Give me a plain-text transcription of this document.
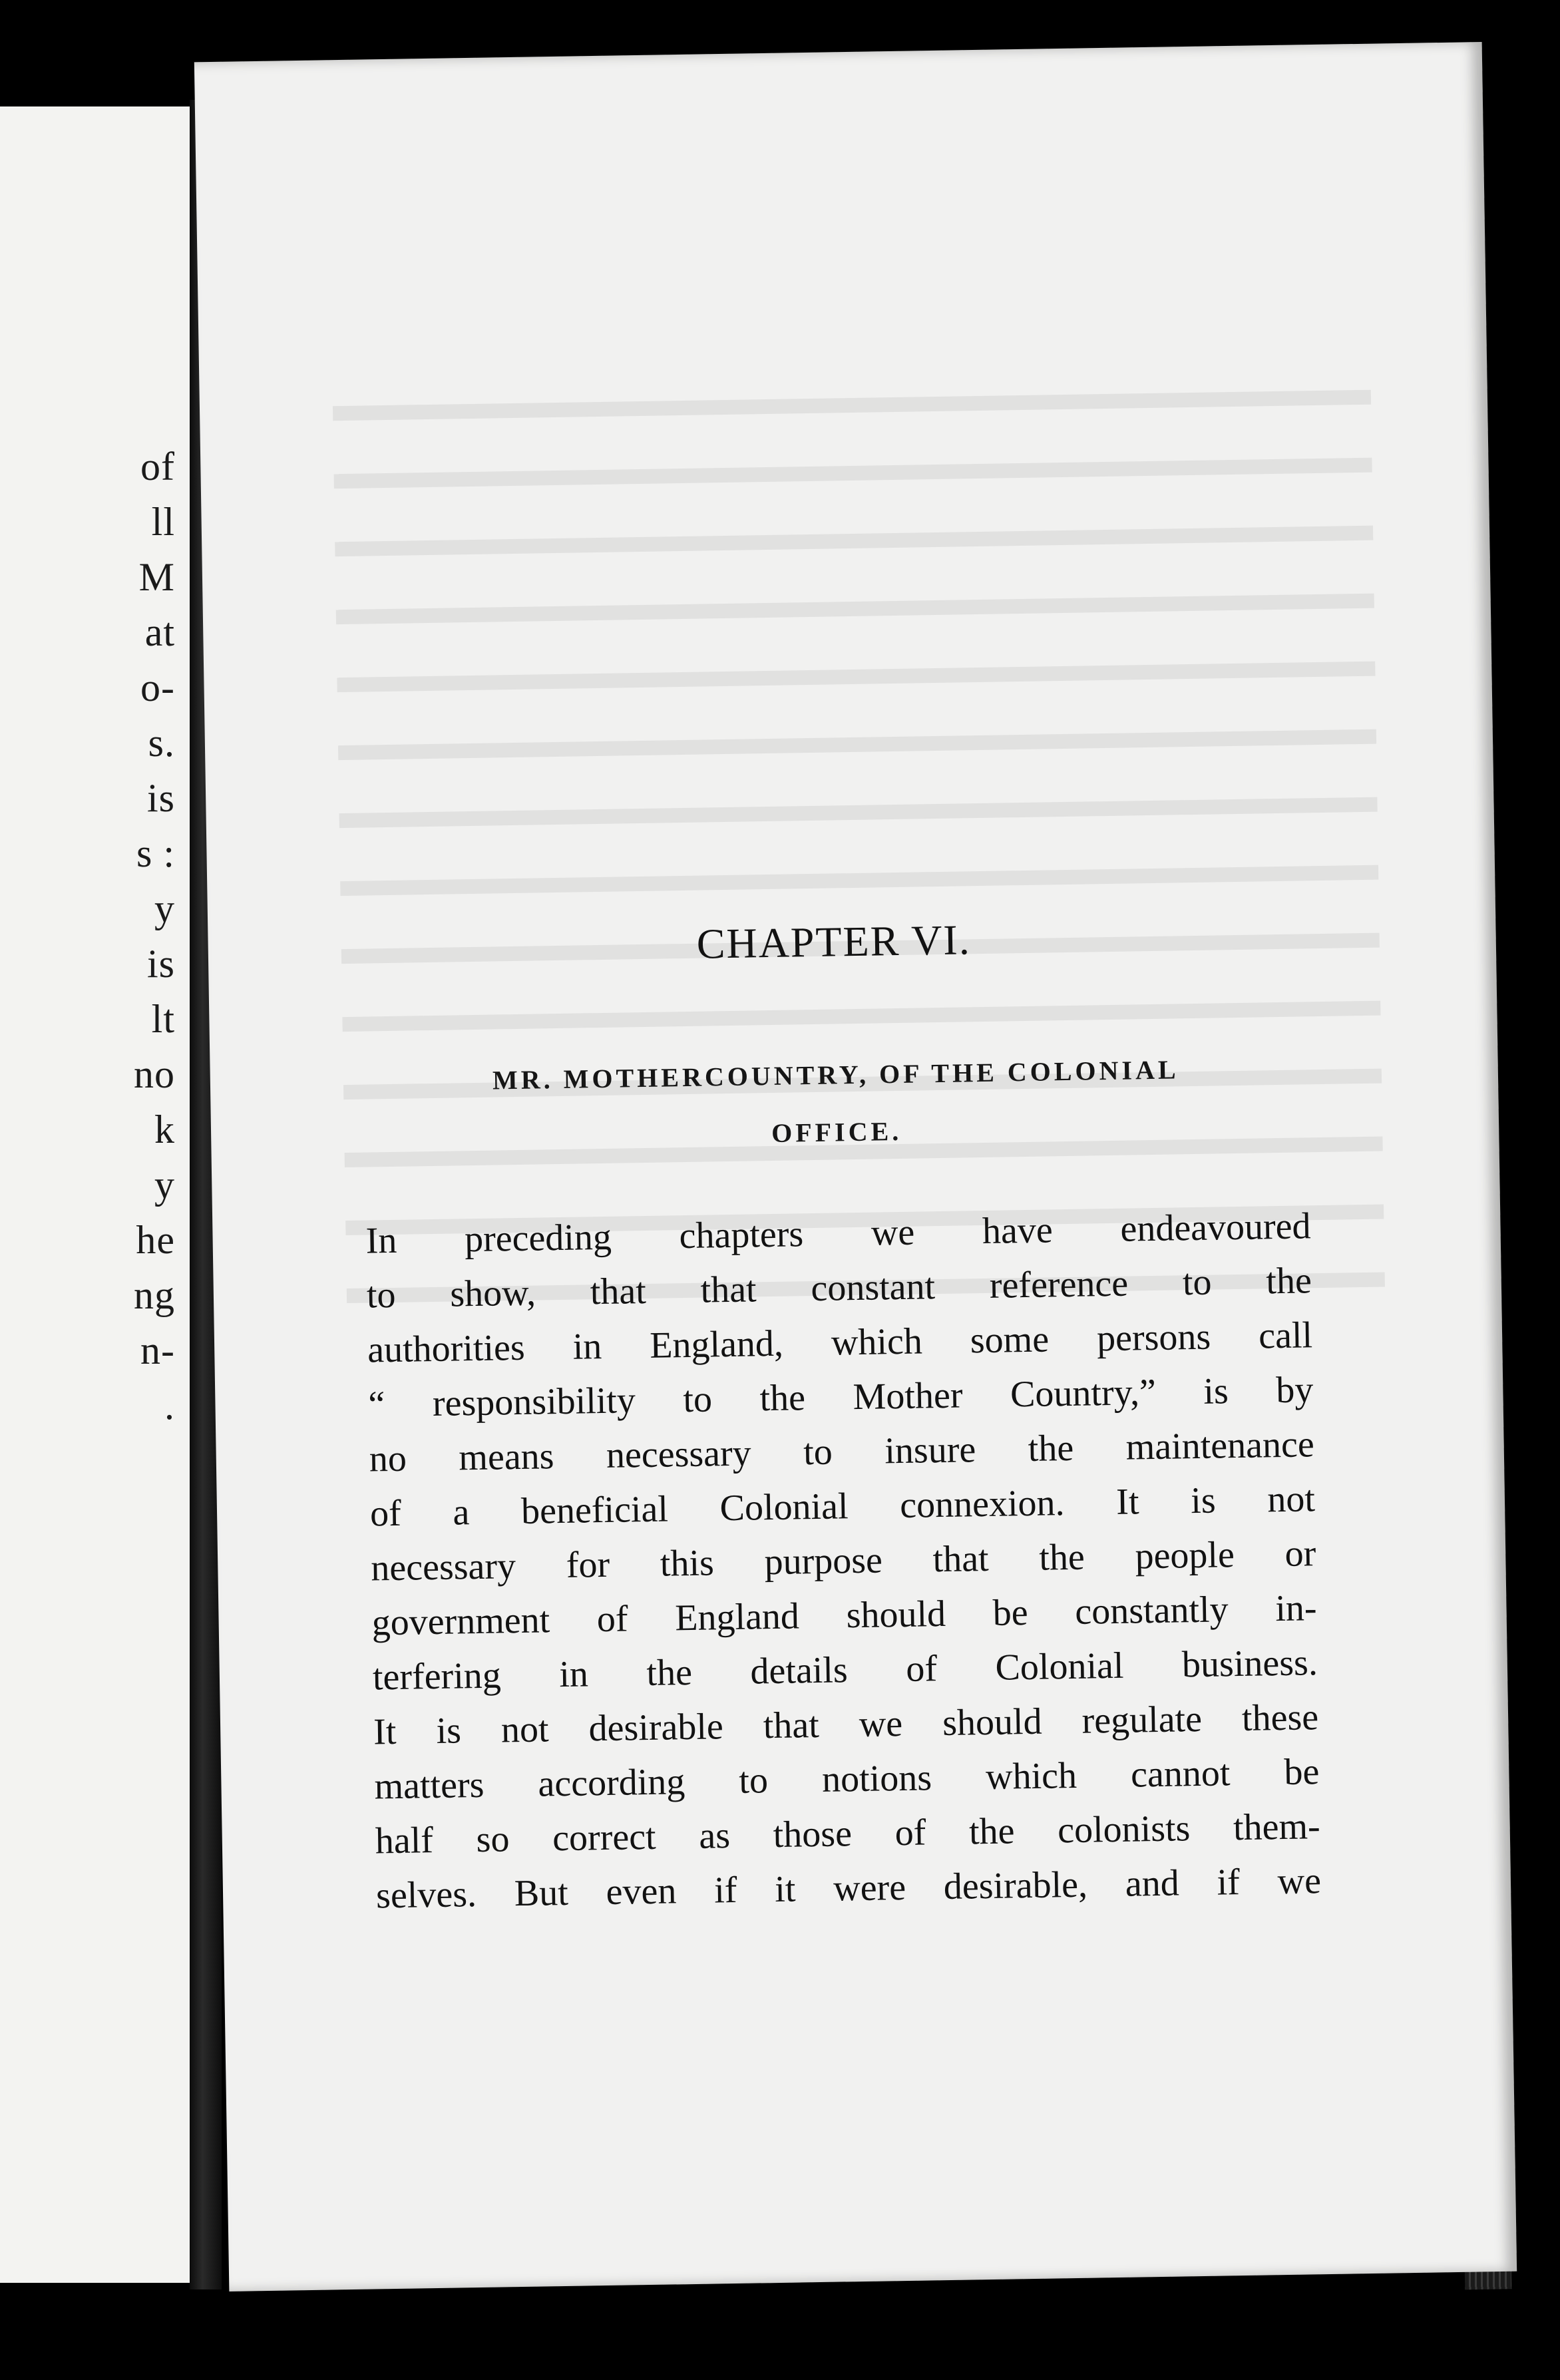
of
ll
M
at
o-
s.
is
s :
y
is
lt
no
k
y
he
ng
n-
.
CHAPTER VI.
MR. MOTHERCOUNTRY, OF THE COLONIAL
OFFICE.
In preceding chapters we have endeavoured
to show, that that constant reference to the
authorities in England, which some persons call
“ responsibility to the Mother Country,” is by
no means necessary to insure the maintenance
of a beneficial Colonial connexion. It is not
necessary for this purpose that the people or
government of England should be constantly in-
terfering in the details of Colonial business.
It is not desirable that we should regulate these
matters according to notions which cannot be
half so correct as those of the colonists them-
selves. But even if it were desirable, and if we
